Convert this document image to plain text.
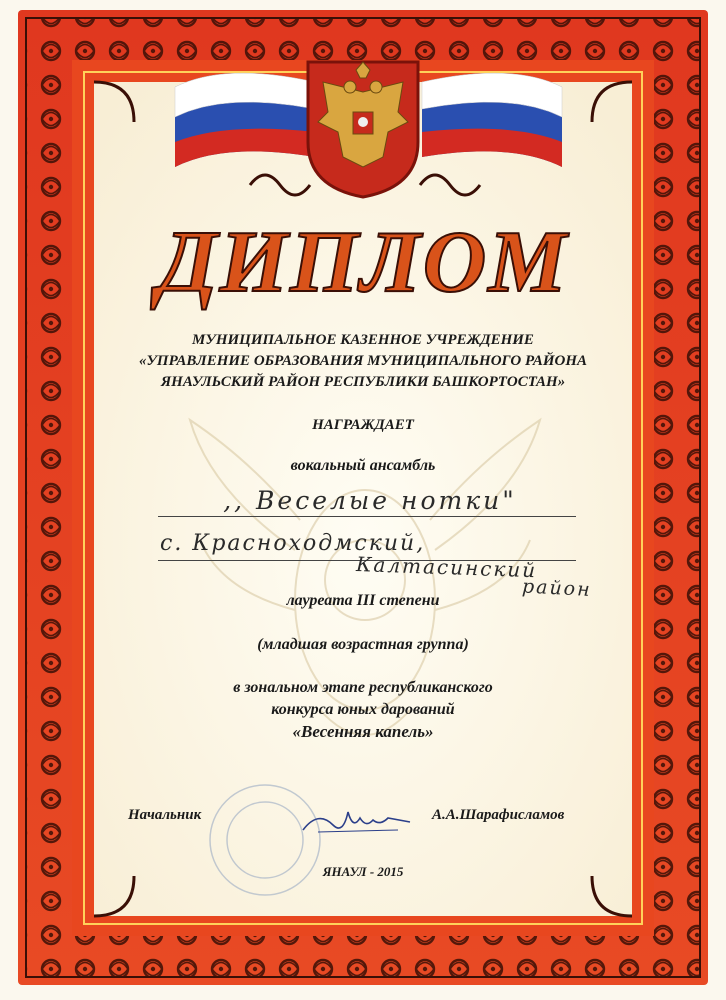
ДИПЛОМ
МУНИЦИПАЛЬНОЕ КАЗЕННОЕ УЧРЕЖДЕНИЕ
«УПРАВЛЕНИЕ ОБРАЗОВАНИЯ МУНИЦИПАЛЬНОГО РАЙОНА
ЯНАУЛЬСКИЙ РАЙОН РЕСПУБЛИКИ БАШКОРТОСТАН»
НАГРАЖДАЕТ
вокальный ансамбль
,, Веселые нотки"
с. Красноходмский,
Калтасинский
район
лауреата III степени
(младшая возрастная группа)
в зональном этапе республиканского
конкурса юных дарований
«Весенняя капель»
Начальник	А.А.Шарафисламов
ЯНАУЛ - 2015
